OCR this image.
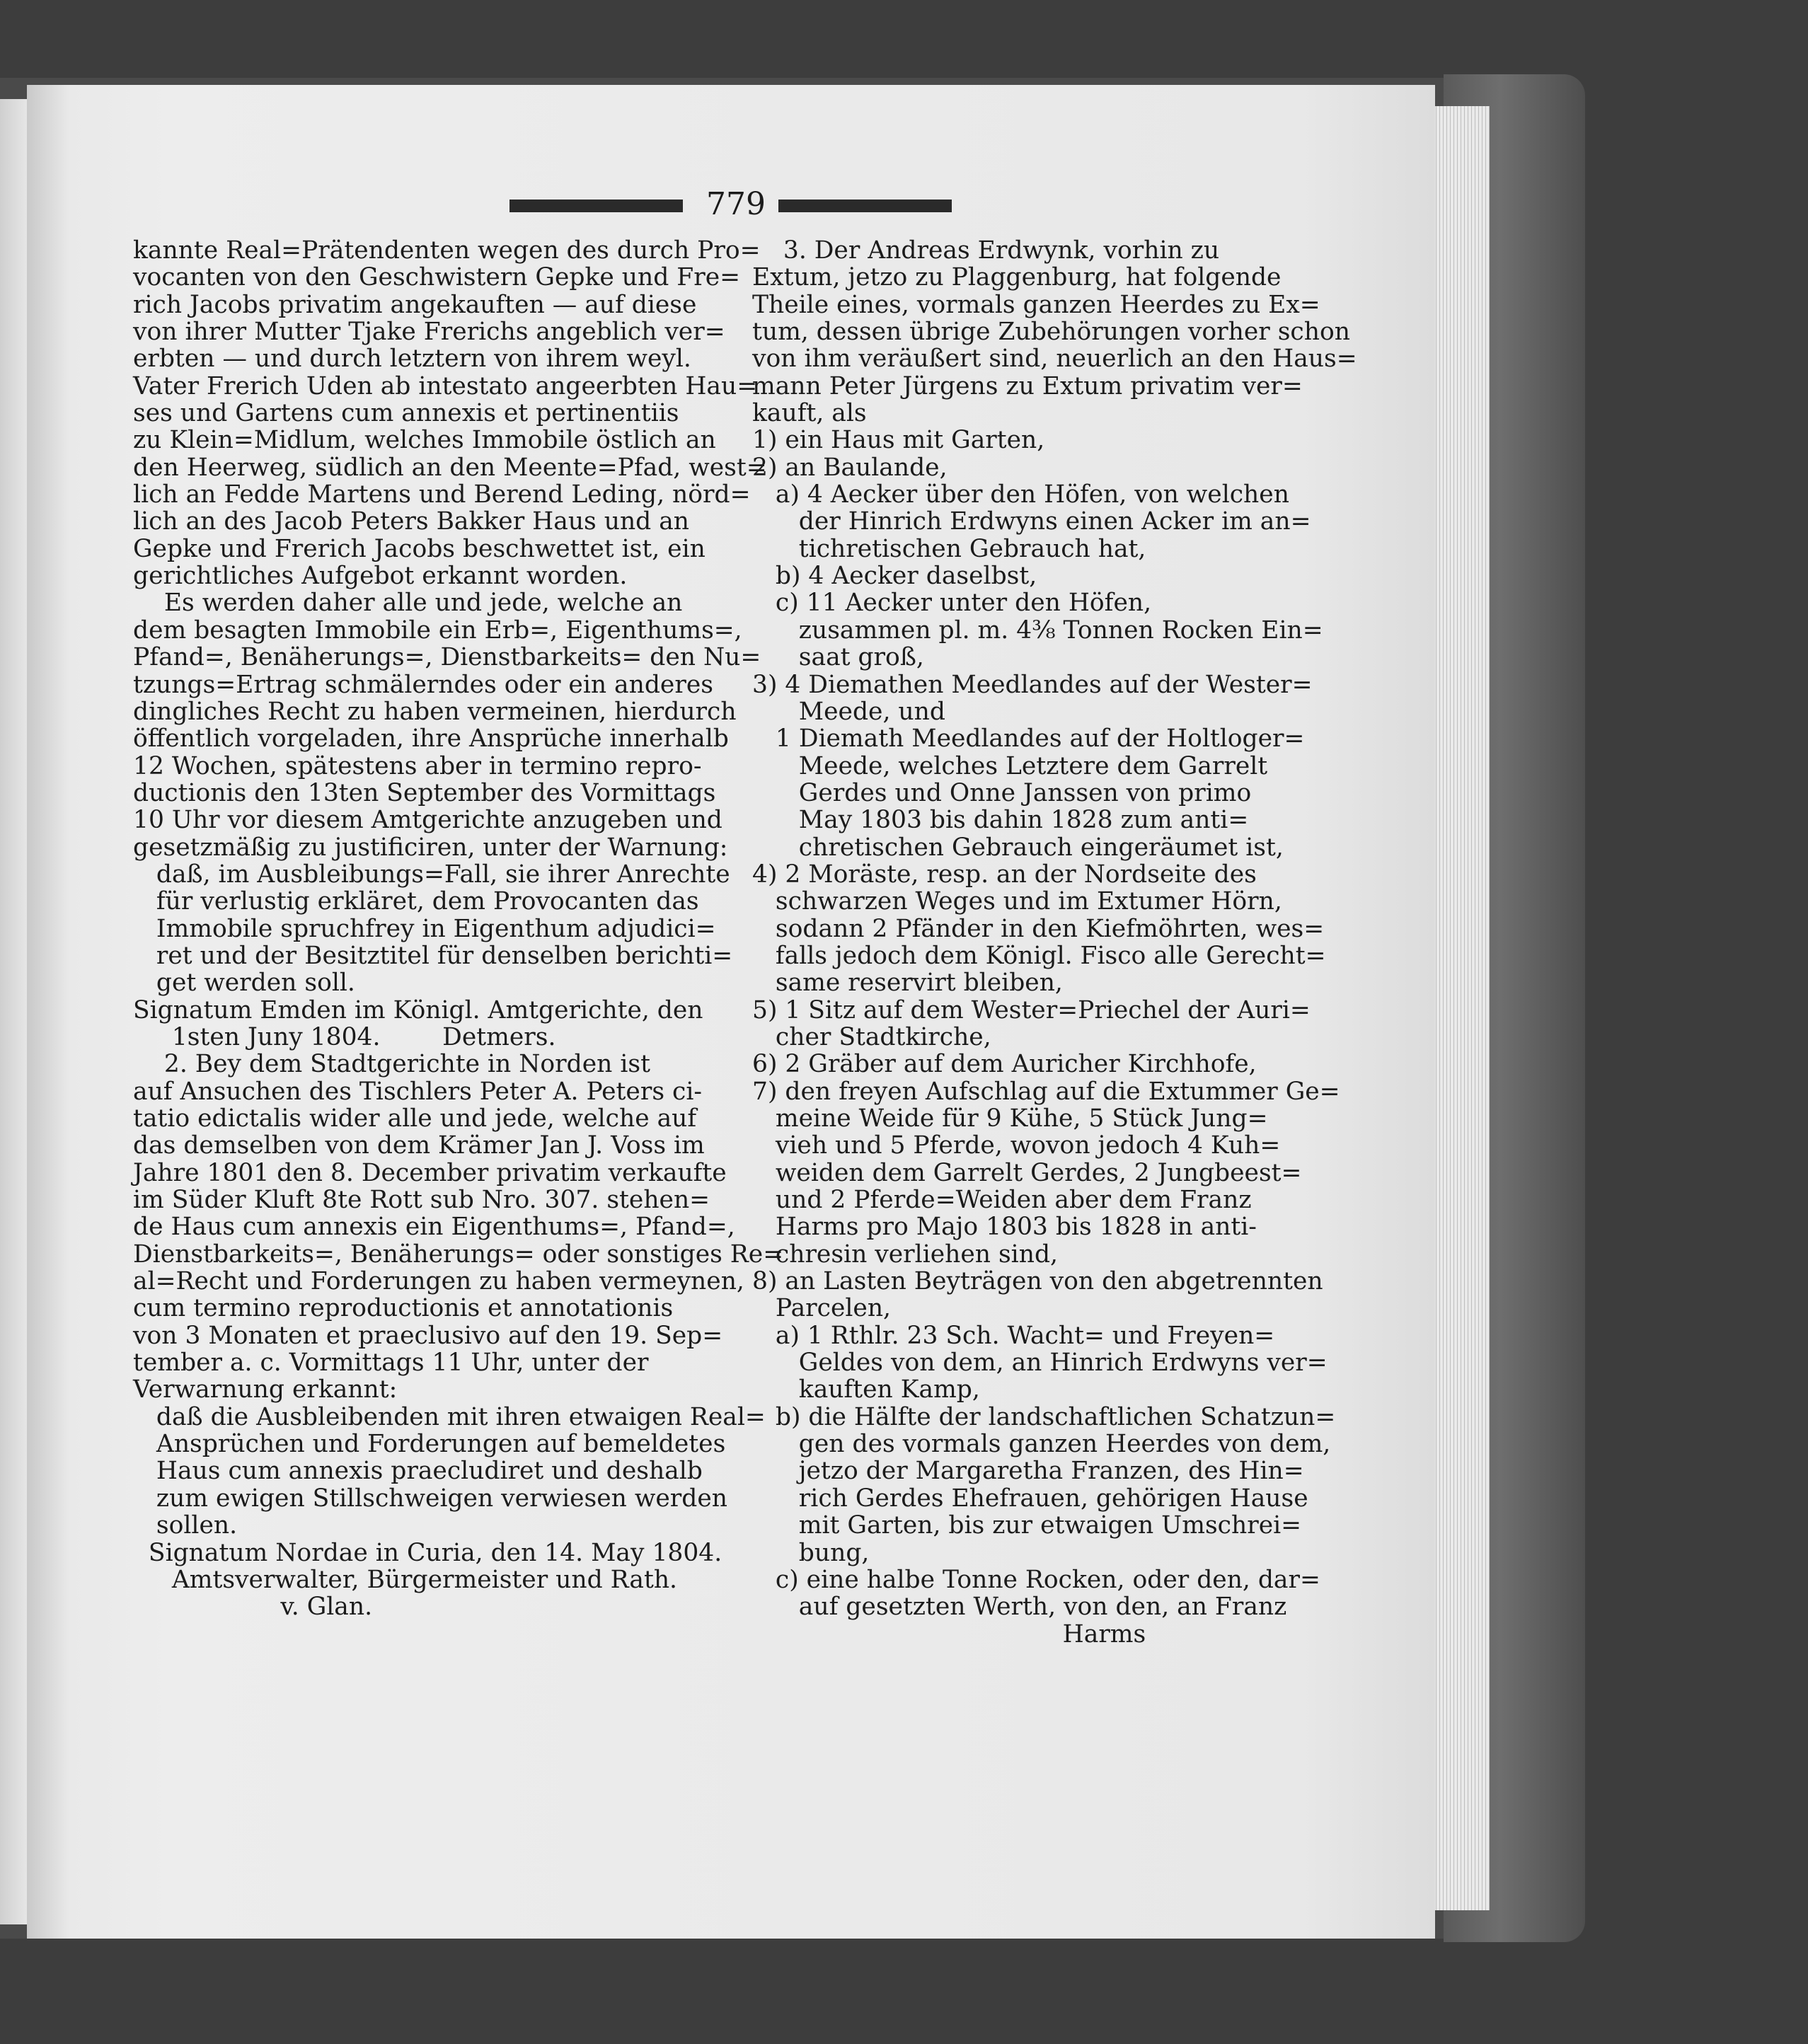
779
kannte Real=Prätendenten wegen des durch Pro=
vocanten von den Geschwistern Gepke und Fre=
rich Jacobs privatim angekauften — auf diese
von ihrer Mutter Tjake Frerichs angeblich ver=
erbten — und durch letztern von ihrem weyl.
Vater Frerich Uden ab intestato angeerbten Hau=
ses und Gartens cum annexis et pertinentiis
zu Klein=Midlum, welches Immobile östlich an
den Heerweg, südlich an den Meente=Pfad, west=
lich an Fedde Martens und Berend Leding, nörd=
lich an des Jacob Peters Bakker Haus und an
Gepke und Frerich Jacobs beschwettet ist, ein
gerichtliches Aufgebot erkannt worden.
Es werden daher alle und jede, welche an
dem besagten Immobile ein Erb=, Eigenthums=,
Pfand=, Benäherungs=, Dienstbarkeits= den Nu=
tzungs=Ertrag schmälerndes oder ein anderes
dingliches Recht zu haben vermeinen, hierdurch
öffentlich vorgeladen, ihre Ansprüche innerhalb
12 Wochen, spätestens aber in termino repro-
ductionis den 13ten September des Vormittags
10 Uhr vor diesem Amtgerichte anzugeben und
gesetzmäßig zu justificiren, unter der Warnung:
daß, im Ausbleibungs=Fall, sie ihrer Anrechte
für verlustig erkläret, dem Provocanten das
Immobile spruchfrey in Eigenthum adjudici=
ret und der Besitztitel für denselben berichti=
get werden soll.
Signatum Emden im Königl. Amtgerichte, den
1sten Juny 1804.        Detmers.
2. Bey dem Stadtgerichte in Norden ist
auf Ansuchen des Tischlers Peter A. Peters ci-
tatio edictalis wider alle und jede, welche auf
das demselben von dem Krämer Jan J. Voss im
Jahre 1801 den 8. December privatim verkaufte
im Süder Kluft 8te Rott sub Nro. 307. stehen=
de Haus cum annexis ein Eigenthums=, Pfand=,
Dienstbarkeits=, Benäherungs= oder sonstiges Re=
al=Recht und Forderungen zu haben vermeynen,
cum termino reproductionis et annotationis
von 3 Monaten et praeclusivo auf den 19. Sep=
tember a. c. Vormittags 11 Uhr, unter der
Verwarnung erkannt:
daß die Ausbleibenden mit ihren etwaigen Real=
Ansprüchen und Forderungen auf bemeldetes
Haus cum annexis praecludiret und deshalb
zum ewigen Stillschweigen verwiesen werden
sollen.
Signatum Nordae in Curia, den 14. May 1804.
Amtsverwalter, Bürgermeister und Rath.
v. Glan.
3. Der Andreas Erdwynk, vorhin zu
Extum, jetzo zu Plaggenburg, hat folgende
Theile eines, vormals ganzen Heerdes zu Ex=
tum, dessen übrige Zubehörungen vorher schon
von ihm veräußert sind, neuerlich an den Haus=
mann Peter Jürgens zu Extum privatim ver=
kauft, als
1) ein Haus mit Garten,
2) an Baulande,
a) 4 Aecker über den Höfen, von welchen
der Hinrich Erdwyns einen Acker im an=
tichretischen Gebrauch hat,
b) 4 Aecker daselbst,
c) 11 Aecker unter den Höfen,
zusammen pl. m. 4⅜ Tonnen Rocken Ein=
saat groß,
3) 4 Diemathen Meedlandes auf der Wester=
Meede, und
1 Diemath Meedlandes auf der Holtloger=
Meede, welches Letztere dem Garrelt
Gerdes und Onne Janssen von primo
May 1803 bis dahin 1828 zum anti=
chretischen Gebrauch eingeräumet ist,
4) 2 Moräste, resp. an der Nordseite des
schwarzen Weges und im Extumer Hörn,
sodann 2 Pfänder in den Kiefmöhrten, wes=
falls jedoch dem Königl. Fisco alle Gerecht=
same reservirt bleiben,
5) 1 Sitz auf dem Wester=Priechel der Auri=
cher Stadtkirche,
6) 2 Gräber auf dem Auricher Kirchhofe,
7) den freyen Aufschlag auf die Extummer Ge=
meine Weide für 9 Kühe, 5 Stück Jung=
vieh und 5 Pferde, wovon jedoch 4 Kuh=
weiden dem Garrelt Gerdes, 2 Jungbeest=
und 2 Pferde=Weiden aber dem Franz
Harms pro Majo 1803 bis 1828 in anti-
chresin verliehen sind,
8) an Lasten Beyträgen von den abgetrennten
Parcelen,
a) 1 Rthlr. 23 Sch. Wacht= und Freyen=
Geldes von dem, an Hinrich Erdwyns ver=
kauften Kamp,
b) die Hälfte der landschaftlichen Schatzun=
gen des vormals ganzen Heerdes von dem,
jetzo der Margaretha Franzen, des Hin=
rich Gerdes Ehefrauen, gehörigen Hause
mit Garten, bis zur etwaigen Umschrei=
bung,
c) eine halbe Tonne Rocken, oder den, dar=
auf gesetzten Werth, von den, an Franz
Harms
